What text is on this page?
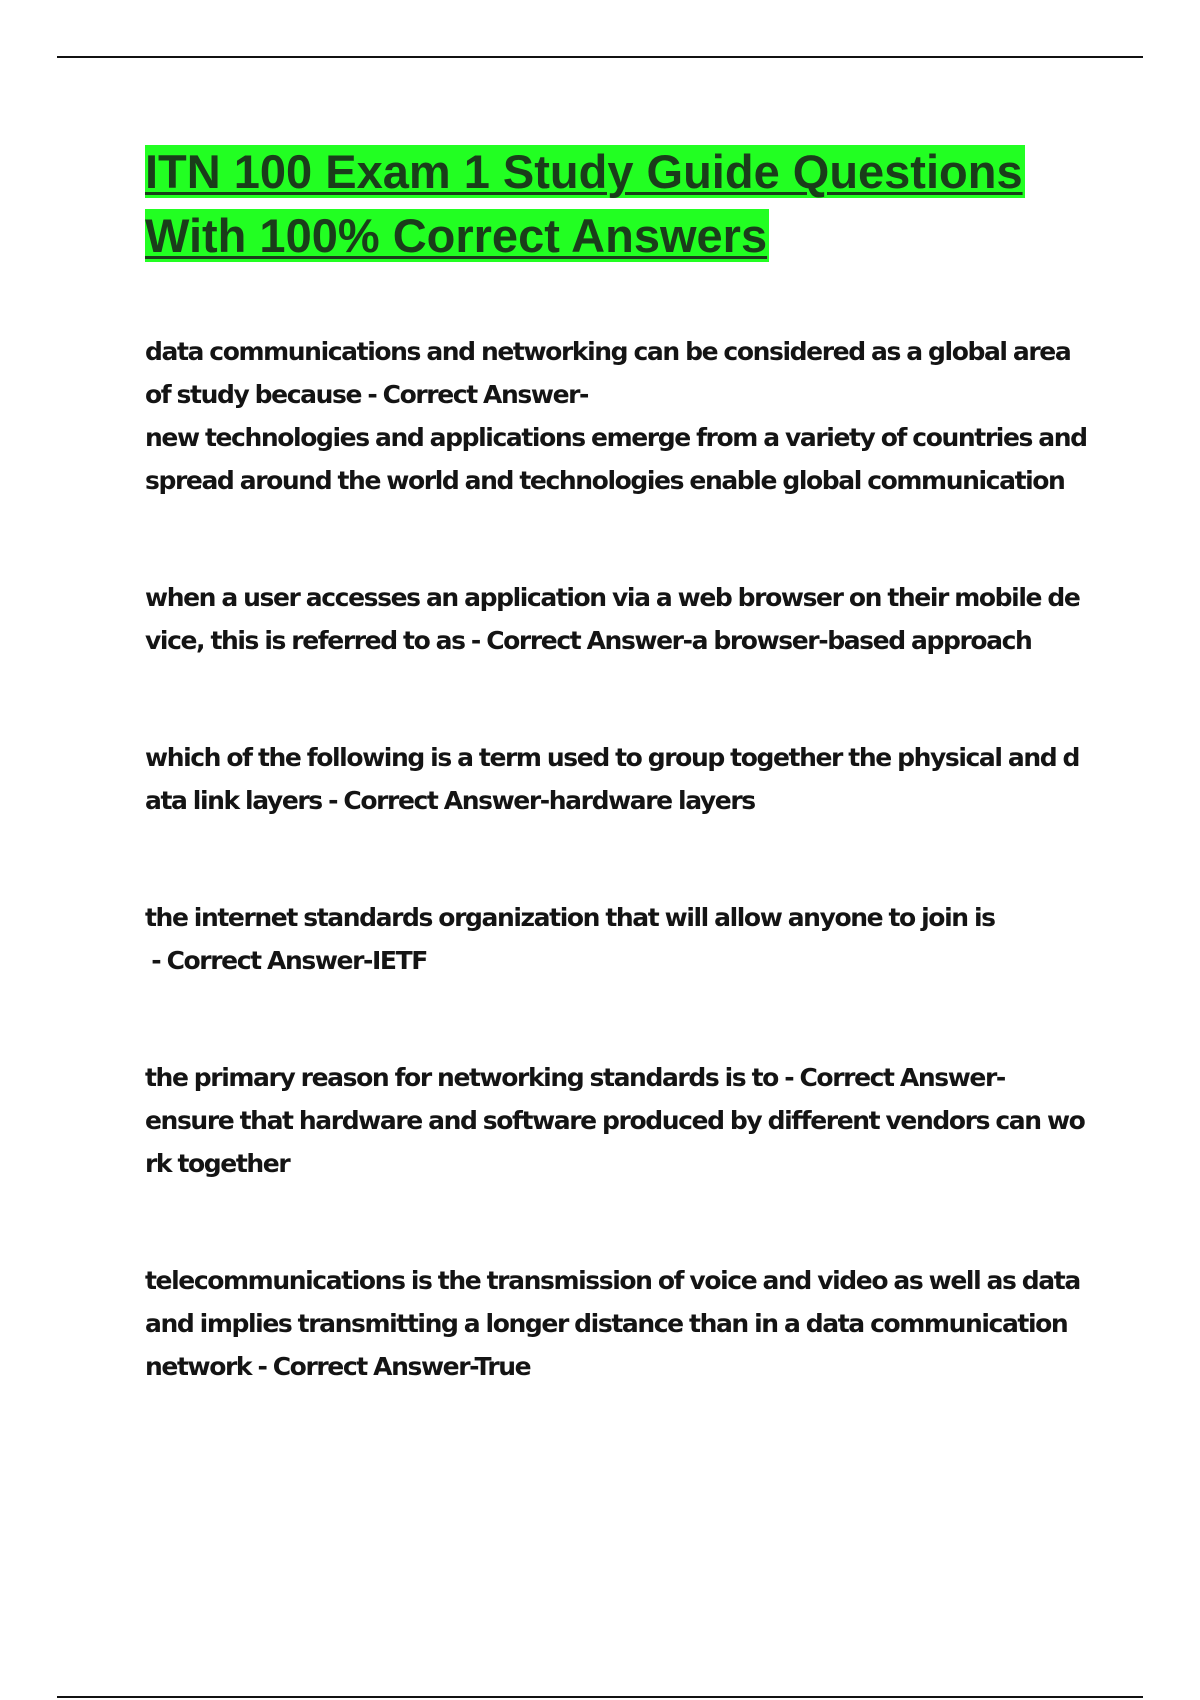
ITN 100 Exam 1 Study Guide Questions
With 100% Correct Answers

data communications and networking can be considered as a global area of study because - Correct Answer-
new technologies and applications emerge from a variety of countries and spread around the world and technologies enable global communication

when a user accesses an application via a web browser on their mobile device, this is referred to as - Correct Answer-a browser-based approach

which of the following is a term used to group together the physical and data link layers - Correct Answer-hardware layers

the internet standards organization that will allow anyone to join is - Correct Answer-IETF

the primary reason for networking standards is to - Correct Answer-
ensure that hardware and software produced by different vendors can work together

telecommunications is the transmission of voice and video as well as data and implies transmitting a longer distance than in a data communication network - Correct Answer-True
